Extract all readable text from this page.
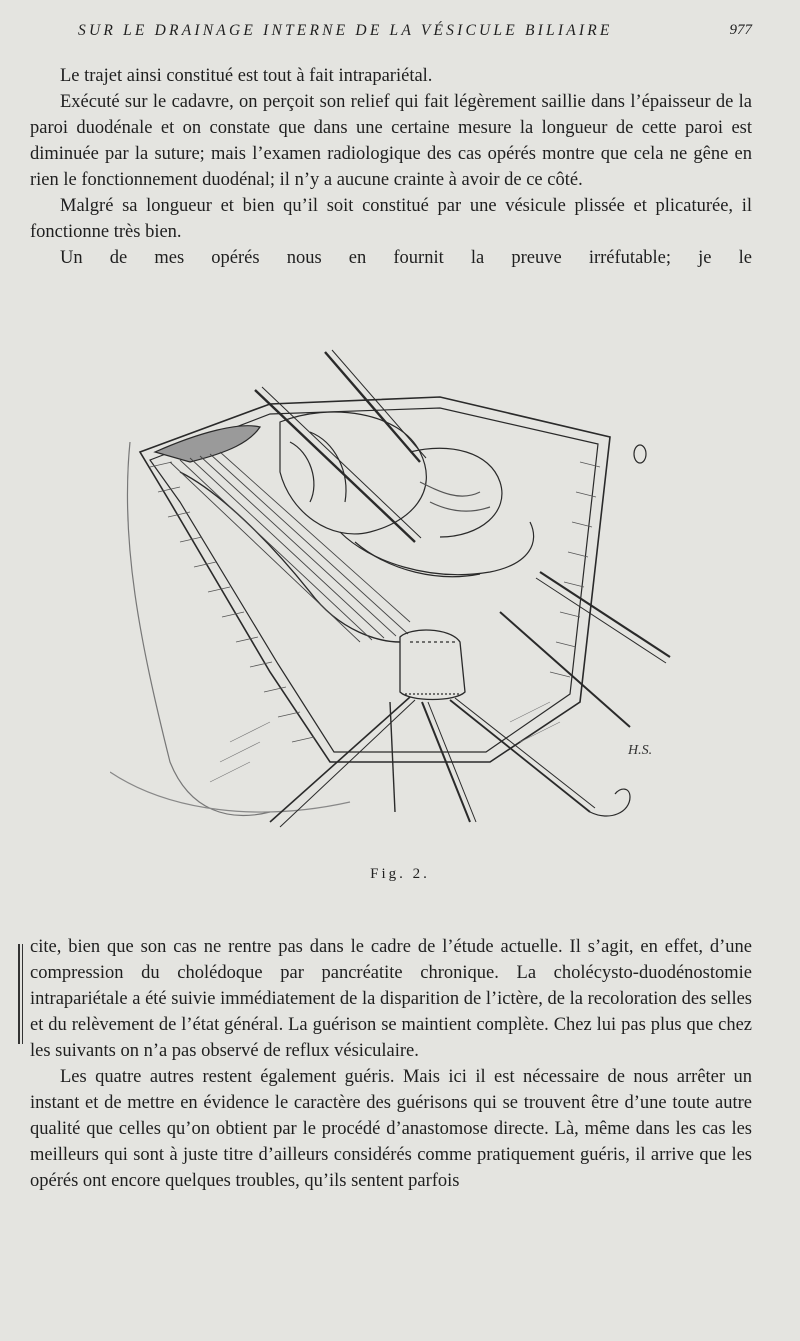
SUR LE DRAINAGE INTERNE DE LA VÉSICULE BILIAIRE	977

Le trajet ainsi constitué est tout à fait intrapariétal.

Exécuté sur le cadavre, on perçoit son relief qui fait légèrement saillie dans l’épaisseur de la paroi duodénale et on constate que dans une certaine mesure la longueur de cette paroi est diminuée par la suture; mais l’examen radiologique des cas opérés montre que cela ne gêne en rien le fonctionnement duodénal; il n’y a aucune crainte à avoir de ce côté.

Malgré sa longueur et bien qu’il soit constitué par une vésicule plissée et plicaturée, il fonctionne très bien.

Un de mes opérés nous en fournit la preuve irréfutable; je le

H.S.
Fig. 2.

cite, bien que son cas ne rentre pas dans le cadre de l’étude actuelle. Il s’agit, en effet, d’une compression du cholédoque par pancréatite chronique. La cholécysto-duodénostomie intrapariétale a été suivie immédiatement de la disparition de l’ictère, de la recoloration des selles et du relèvement de l’état général. La guérison se maintient complète. Chez lui pas plus que chez les suivants on n’a pas observé de reflux vésiculaire.

Les quatre autres restent également guéris. Mais ici il est nécessaire de nous arrêter un instant et de mettre en évidence le caractère des guérisons qui se trouvent être d’une toute autre qualité que celles qu’on obtient par le procédé d’anastomose directe. Là, même dans les cas les meilleurs qui sont à juste titre d’ailleurs considérés comme pratiquement guéris, il arrive que les opérés ont encore quelques troubles, qu’ils sentent parfois
